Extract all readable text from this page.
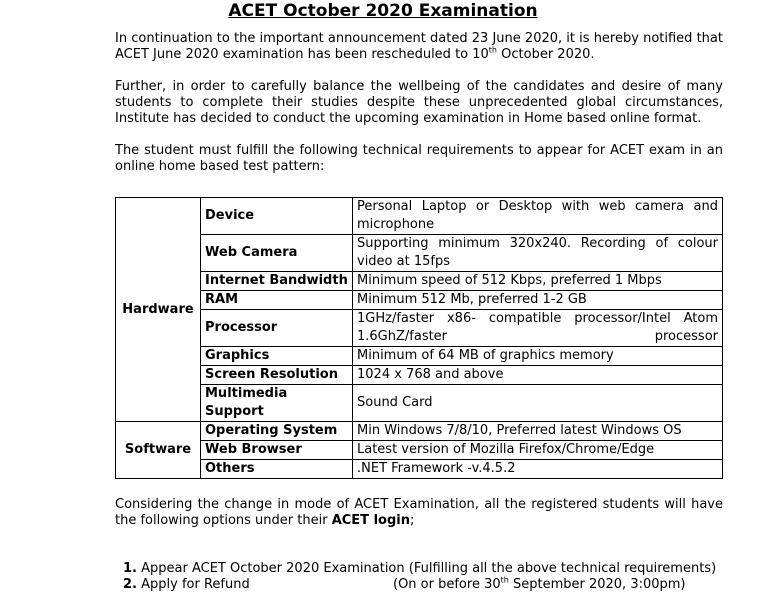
ACET October 2020 Examination

In continuation to the important announcement dated 23 June 2020, it is hereby notified that ACET June 2020 examination has been rescheduled to 10th October 2020.

Further, in order to carefully balance the wellbeing of the candidates and desire of many students to complete their studies despite these unprecedented global circumstances, Institute has decided to conduct the upcoming examination in Home based online format.

The student must fulfill the following technical requirements to appear for ACET exam in an online home based test pattern:

Hardware	Device	Personal Laptop or Desktop with web camera and microphone
	Web Camera	Supporting minimum 320x240. Recording of colour video at 15fps
	Internet Bandwidth	Minimum speed of 512 Kbps, preferred 1 Mbps
	RAM	Minimum 512 Mb, preferred 1-2 GB
	Processor	1GHz/faster x86- compatible processor/Intel Atom 1.6GhZ/faster processor
	Graphics	Minimum of 64 MB of graphics memory
	Screen Resolution	1024 x 768 and above
	Multimedia Support	Sound Card
Software	Operating System	Min Windows 7/8/10, Preferred latest Windows OS
	Web Browser	Latest version of Mozilla Firefox/Chrome/Edge
	Others	.NET Framework -v.4.5.2

Considering the change in mode of ACET Examination, all the registered students will have the following options under their ACET login;

1. Appear ACET October 2020 Examination (Fulfilling all the above technical requirements)
2. Apply for Refund	(On or before 30th September 2020, 3:00pm)
